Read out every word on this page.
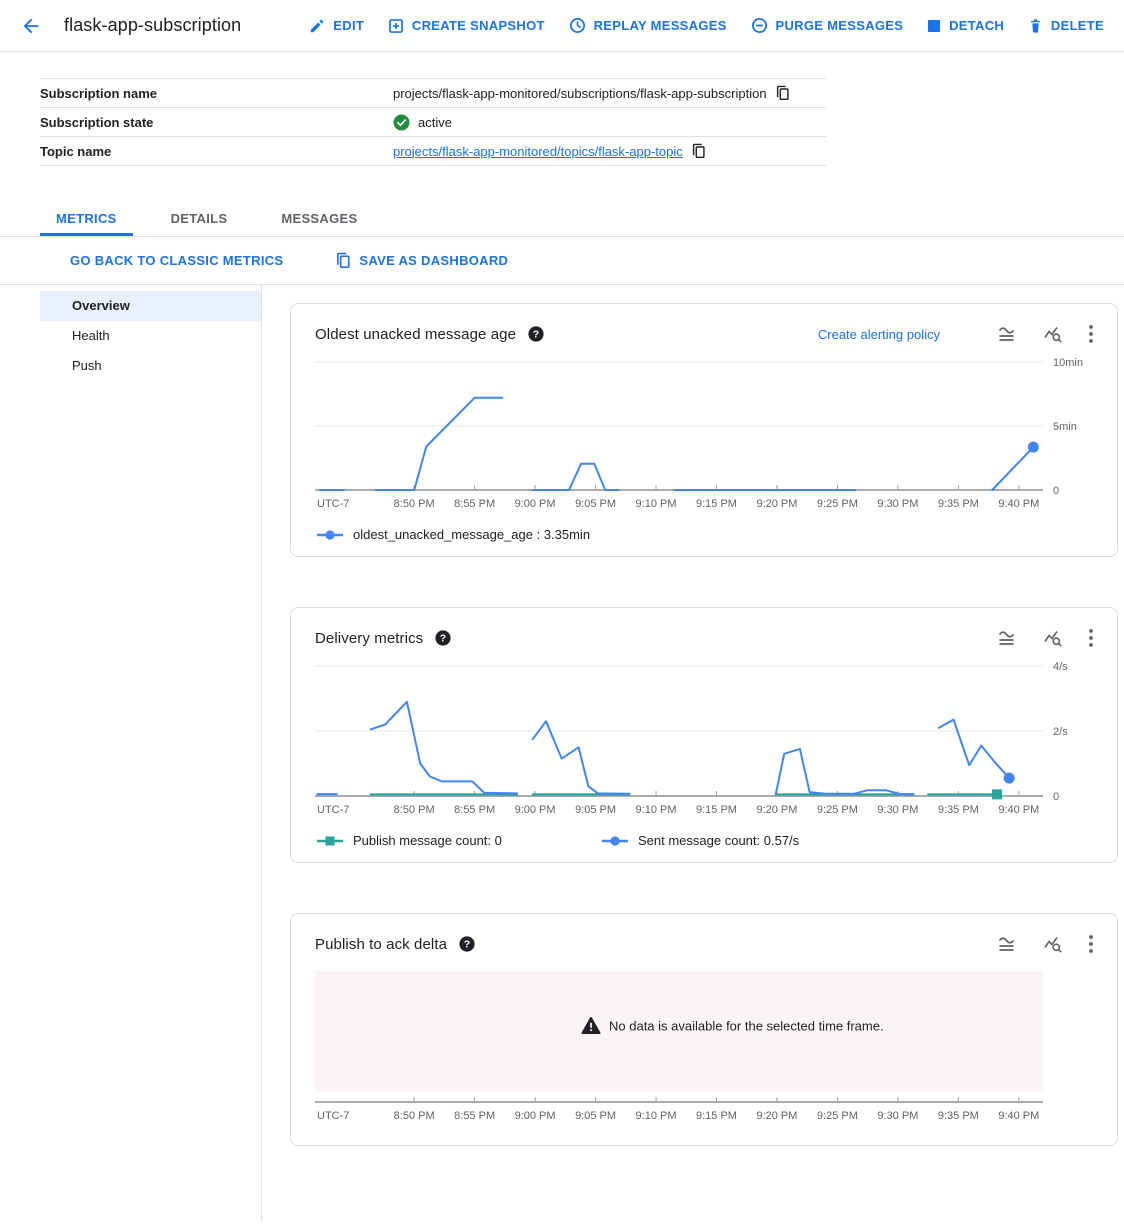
flask-app-subscription	EDIT	CREATE SNAPSHOT	REPLAY MESSAGES	PURGE MESSAGES	DETACH	DELETE
Subscription name	projects/flask-app-monitored/subscriptions/flask-app-subscription
Subscription state	active
Topic name	projects/flask-app-monitored/topics/flask-app-topic
METRICS	DETAILS	MESSAGES
GO BACK TO CLASSIC METRICS	SAVE AS DASHBOARD
Overview
Health
Push
Oldest unacked message age ?	Create alerting policy
10min
5min
0
8:50 PM 8:55 PM 9:00 PM 9:05 PM 9:10 PM 9:15 PM 9:20 PM 9:25 PM 9:30 PM 9:35 PM 9:40 PM
UTC-7
oldest_unacked_message_age : 3.35min
Delivery metrics ?
4/s
2/s
0
8:50 PM 8:55 PM 9:00 PM 9:05 PM 9:10 PM 9:15 PM 9:20 PM 9:25 PM 9:30 PM 9:35 PM 9:40 PM
UTC-7
Publish message count: 0	Sent message count: 0.57/s
Publish to ack delta ?
8:50 PM 8:55 PM 9:00 PM 9:05 PM 9:10 PM 9:15 PM 9:20 PM 9:25 PM 9:30 PM 9:35 PM 9:40 PM
UTC-7
No data is available for the selected time frame.
